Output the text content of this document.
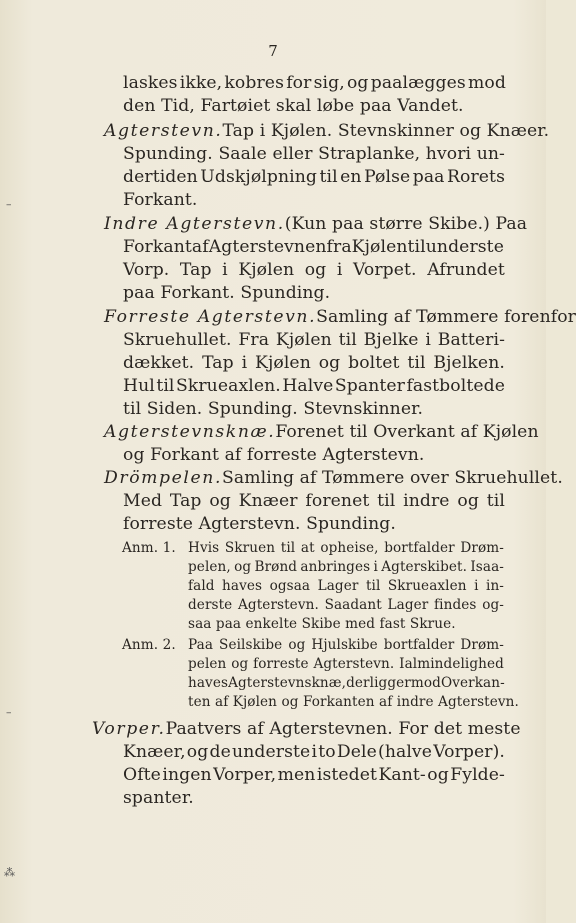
7
laskes ikke, kobres for sig, og paalægges mod
den Tid, Fartøiet skal løbe paa Vandet.
Agterstevn. Tap i Kjølen. Stevnskinner og Knæer.
Spunding. Saale eller Straplanke, hvori un-
dertiden Udskjølpning til en Pølse paa Rorets
Forkant.
Indre Agterstevn. (Kun paa større Skibe.) Paa
Forkant af Agterstevnen fra Kjølen til underste
Vorp. Tap i Kjølen og i Vorpet. Afrundet
paa Forkant. Spunding.
Forreste Agterstevn. Samling af Tømmere forenfor
Skruehullet. Fra Kjølen til Bjelke i Batteri-
dækket. Tap i Kjølen og boltet til Bjelken.
Hul til Skrueaxlen. Halve Spanter fastboltede
til Siden. Spunding. Stevnskinner.
Agterstevnsknæ. Forenet til Overkant af Kjølen
og Forkant af forreste Agterstevn.
Drömpelen. Samling af Tømmere over Skruehullet.
Med Tap og Knæer forenet til indre og til
forreste Agterstevn. Spunding.
Anm. 1. Hvis Skruen til at opheise, bortfalder Drøm-
pelen, og Brønd anbringes i Agterskibet. Isaa-
fald haves ogsaa Lager til Skrueaxlen i in-
derste Agterstevn. Saadant Lager findes og-
saa paa enkelte Skibe med fast Skrue.
Anm. 2. Paa Seilskibe og Hjulskibe bortfalder Drøm-
pelen og forreste Agterstevn. Ialmindelighed
haves Agterstevnsknæ, der ligger mod Overkan-
ten af Kjølen og Forkanten af indre Agterstevn.
Vorper. Paatvers af Agterstevnen. For det meste
Knæer, og de underste i to Dele (halve Vorper).
Ofte ingen Vorper, men istedet Kant- og Fylde-
spanter.
–
–
⁂
